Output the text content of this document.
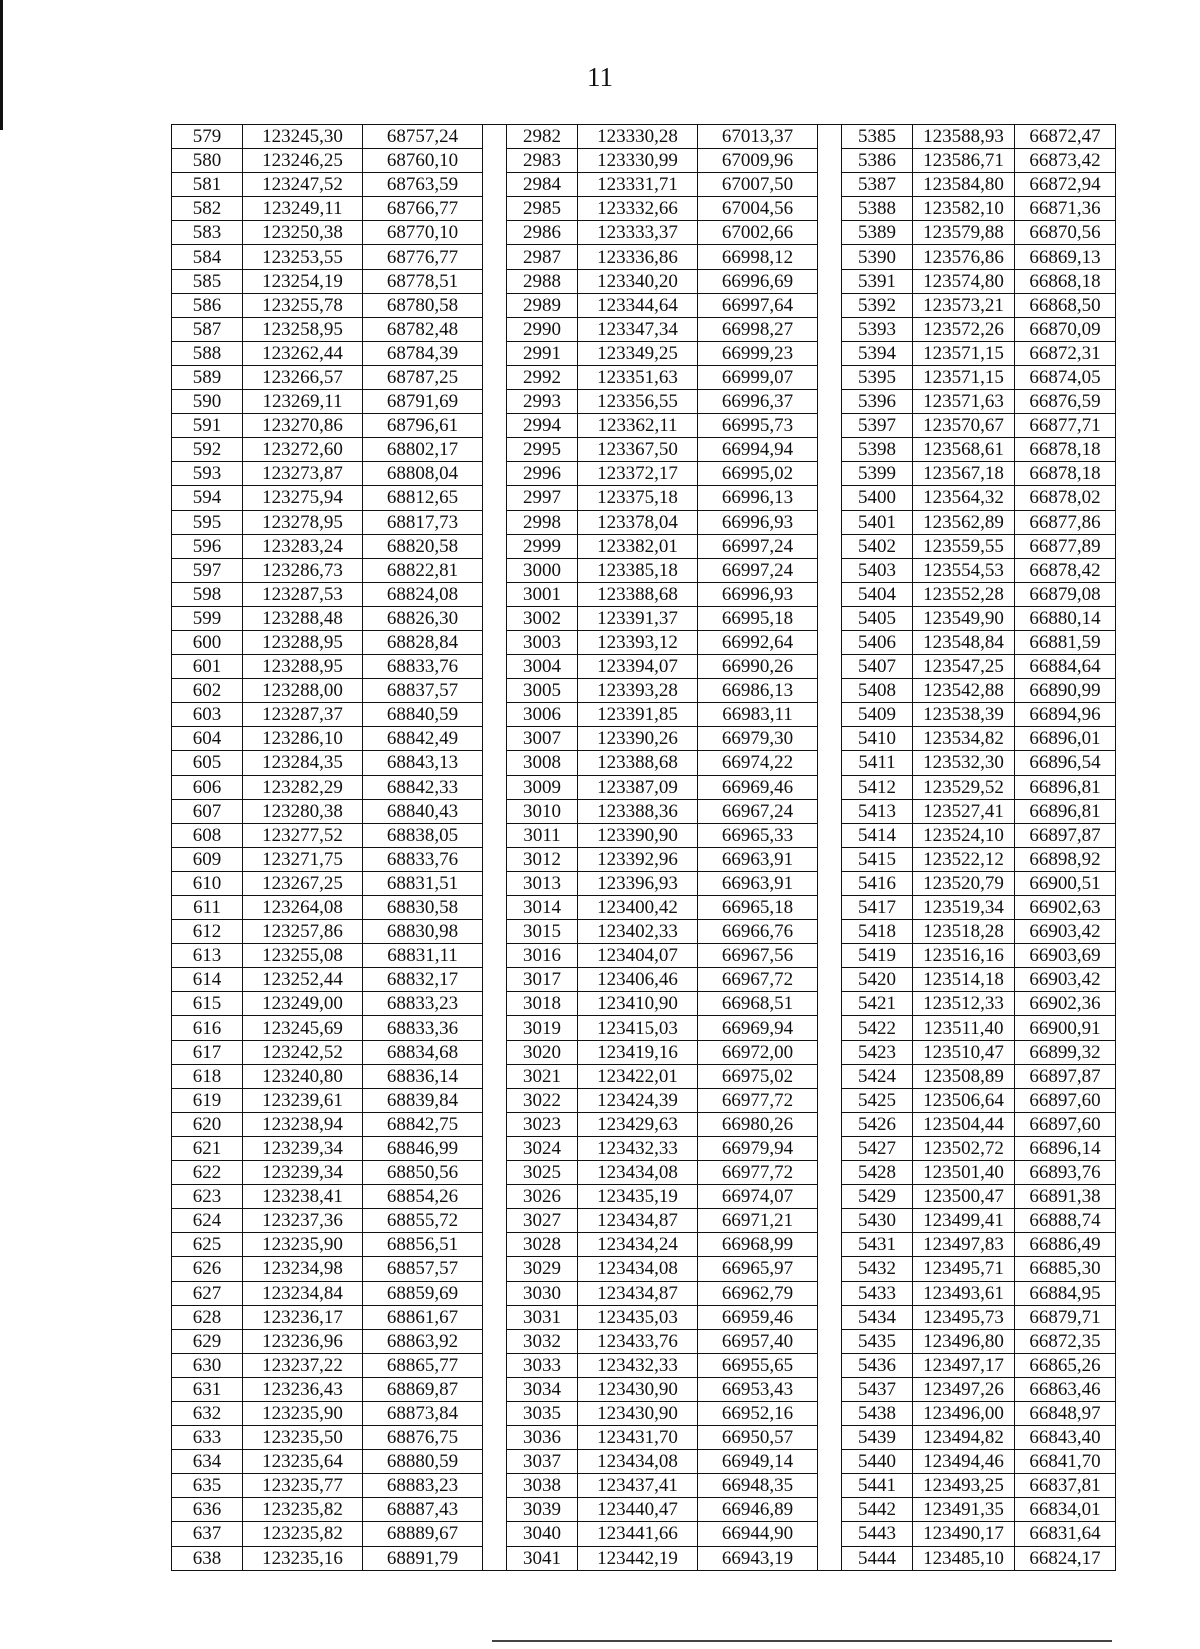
11
579	123245,30	68757,24		2982	123330,28	67013,37		5385	123588,93	66872,47
580	123246,25	68760,10		2983	123330,99	67009,96		5386	123586,71	66873,42
581	123247,52	68763,59		2984	123331,71	67007,50		5387	123584,80	66872,94
582	123249,11	68766,77		2985	123332,66	67004,56		5388	123582,10	66871,36
583	123250,38	68770,10		2986	123333,37	67002,66		5389	123579,88	66870,56
584	123253,55	68776,77		2987	123336,86	66998,12		5390	123576,86	66869,13
585	123254,19	68778,51		2988	123340,20	66996,69		5391	123574,80	66868,18
586	123255,78	68780,58		2989	123344,64	66997,64		5392	123573,21	66868,50
587	123258,95	68782,48		2990	123347,34	66998,27		5393	123572,26	66870,09
588	123262,44	68784,39		2991	123349,25	66999,23		5394	123571,15	66872,31
589	123266,57	68787,25		2992	123351,63	66999,07		5395	123571,15	66874,05
590	123269,11	68791,69		2993	123356,55	66996,37		5396	123571,63	66876,59
591	123270,86	68796,61		2994	123362,11	66995,73		5397	123570,67	66877,71
592	123272,60	68802,17		2995	123367,50	66994,94		5398	123568,61	66878,18
593	123273,87	68808,04		2996	123372,17	66995,02		5399	123567,18	66878,18
594	123275,94	68812,65		2997	123375,18	66996,13		5400	123564,32	66878,02
595	123278,95	68817,73		2998	123378,04	66996,93		5401	123562,89	66877,86
596	123283,24	68820,58		2999	123382,01	66997,24		5402	123559,55	66877,89
597	123286,73	68822,81		3000	123385,18	66997,24		5403	123554,53	66878,42
598	123287,53	68824,08		3001	123388,68	66996,93		5404	123552,28	66879,08
599	123288,48	68826,30		3002	123391,37	66995,18		5405	123549,90	66880,14
600	123288,95	68828,84		3003	123393,12	66992,64		5406	123548,84	66881,59
601	123288,95	68833,76		3004	123394,07	66990,26		5407	123547,25	66884,64
602	123288,00	68837,57		3005	123393,28	66986,13		5408	123542,88	66890,99
603	123287,37	68840,59		3006	123391,85	66983,11		5409	123538,39	66894,96
604	123286,10	68842,49		3007	123390,26	66979,30		5410	123534,82	66896,01
605	123284,35	68843,13		3008	123388,68	66974,22		5411	123532,30	66896,54
606	123282,29	68842,33		3009	123387,09	66969,46		5412	123529,52	66896,81
607	123280,38	68840,43		3010	123388,36	66967,24		5413	123527,41	66896,81
608	123277,52	68838,05		3011	123390,90	66965,33		5414	123524,10	66897,87
609	123271,75	68833,76		3012	123392,96	66963,91		5415	123522,12	66898,92
610	123267,25	68831,51		3013	123396,93	66963,91		5416	123520,79	66900,51
611	123264,08	68830,58		3014	123400,42	66965,18		5417	123519,34	66902,63
612	123257,86	68830,98		3015	123402,33	66966,76		5418	123518,28	66903,42
613	123255,08	68831,11		3016	123404,07	66967,56		5419	123516,16	66903,69
614	123252,44	68832,17		3017	123406,46	66967,72		5420	123514,18	66903,42
615	123249,00	68833,23		3018	123410,90	66968,51		5421	123512,33	66902,36
616	123245,69	68833,36		3019	123415,03	66969,94		5422	123511,40	66900,91
617	123242,52	68834,68		3020	123419,16	66972,00		5423	123510,47	66899,32
618	123240,80	68836,14		3021	123422,01	66975,02		5424	123508,89	66897,87
619	123239,61	68839,84		3022	123424,39	66977,72		5425	123506,64	66897,60
620	123238,94	68842,75		3023	123429,63	66980,26		5426	123504,44	66897,60
621	123239,34	68846,99		3024	123432,33	66979,94		5427	123502,72	66896,14
622	123239,34	68850,56		3025	123434,08	66977,72		5428	123501,40	66893,76
623	123238,41	68854,26		3026	123435,19	66974,07		5429	123500,47	66891,38
624	123237,36	68855,72		3027	123434,87	66971,21		5430	123499,41	66888,74
625	123235,90	68856,51		3028	123434,24	66968,99		5431	123497,83	66886,49
626	123234,98	68857,57		3029	123434,08	66965,97		5432	123495,71	66885,30
627	123234,84	68859,69		3030	123434,87	66962,79		5433	123493,61	66884,95
628	123236,17	68861,67		3031	123435,03	66959,46		5434	123495,73	66879,71
629	123236,96	68863,92		3032	123433,76	66957,40		5435	123496,80	66872,35
630	123237,22	68865,77		3033	123432,33	66955,65		5436	123497,17	66865,26
631	123236,43	68869,87		3034	123430,90	66953,43		5437	123497,26	66863,46
632	123235,90	68873,84		3035	123430,90	66952,16		5438	123496,00	66848,97
633	123235,50	68876,75		3036	123431,70	66950,57		5439	123494,82	66843,40
634	123235,64	68880,59		3037	123434,08	66949,14		5440	123494,46	66841,70
635	123235,77	68883,23		3038	123437,41	66948,35		5441	123493,25	66837,81
636	123235,82	68887,43		3039	123440,47	66946,89		5442	123491,35	66834,01
637	123235,82	68889,67		3040	123441,66	66944,90		5443	123490,17	66831,64
638	123235,16	68891,79		3041	123442,19	66943,19		5444	123485,10	66824,17
